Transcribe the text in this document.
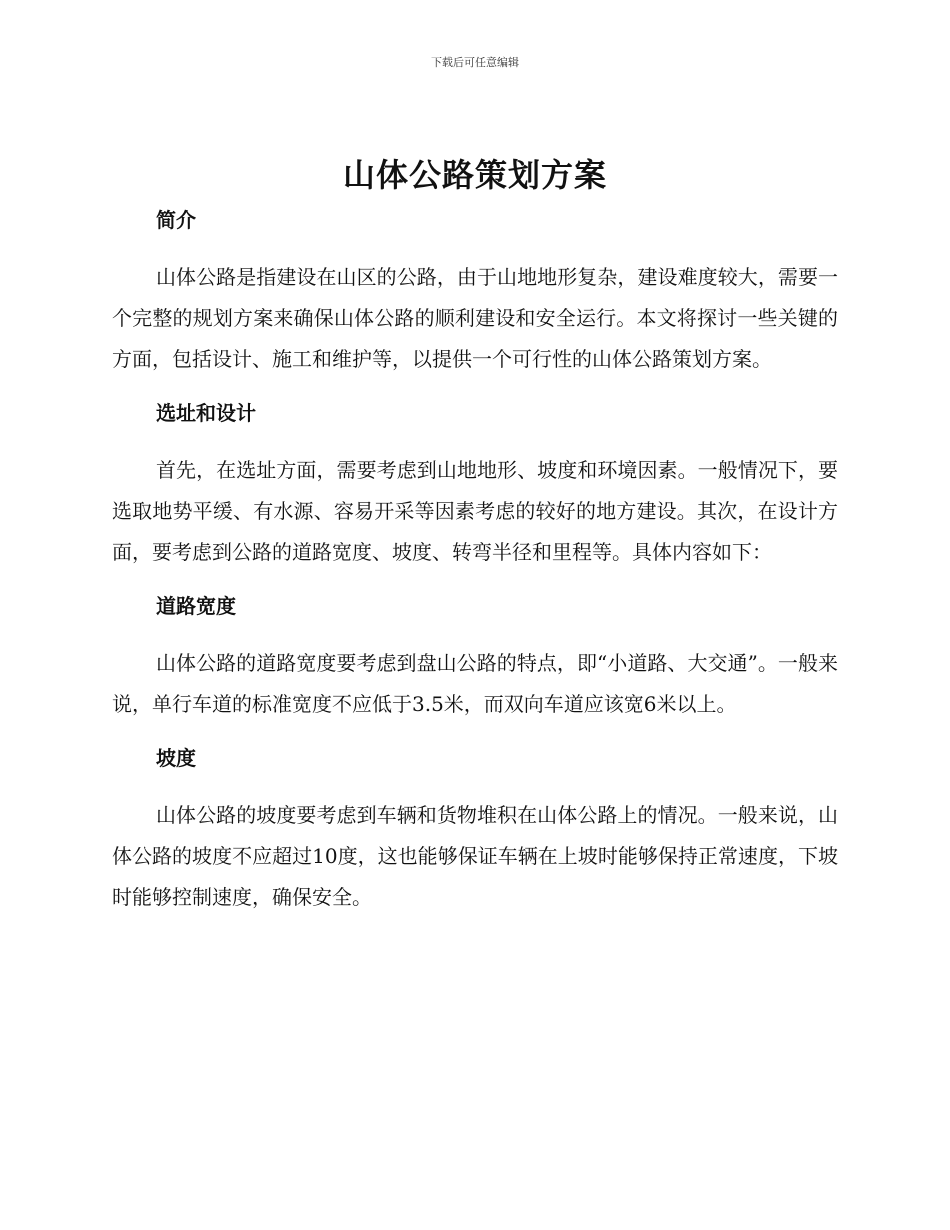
下载后可任意编辑
山体公路策划方案
简介

山体公路是指建设在山区的公路，由于山地地形复杂，建设难度较大，需要一个完整的规划方案来确保山体公路的顺利建设和安全运行。本文将探讨一些关键的方面，包括设计、施工和维护等，以提供一个可行性的山体公路策划方案。

选址和设计

首先，在选址方面，需要考虑到山地地形、坡度和环境因素。一般情况下，要选取地势平缓、有水源、容易开采等因素考虑的较好的地方建设。其次，在设计方面，要考虑到公路的道路宽度、坡度、转弯半径和里程等。具体内容如下：

道路宽度

山体公路的道路宽度要考虑到盘山公路的特点，即“小道路、大交通”。一般来说，单行车道的标准宽度不应低于3.5米，而双向车道应该宽6米以上。

坡度

山体公路的坡度要考虑到车辆和货物堆积在山体公路上的情况。一般来说，山体公路的坡度不应超过10度，这也能够保证车辆在上坡时能够保持正常速度，下坡时能够控制速度，确保安全。
